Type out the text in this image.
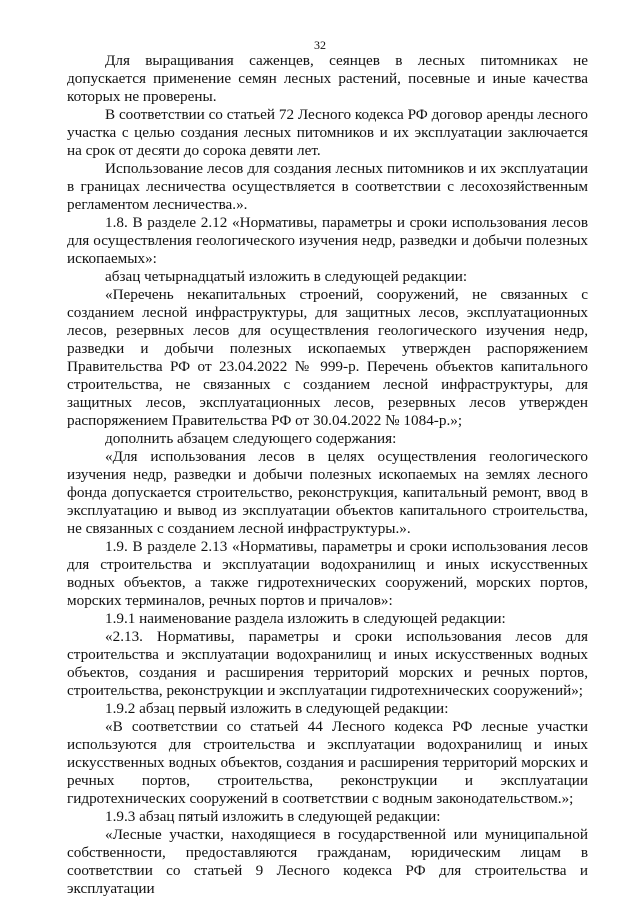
32

Для выращивания саженцев, сеянцев в лесных питомниках не допускается применение семян лесных растений, посевные и иные качества которых не проверены.

В соответствии со статьей 72 Лесного кодекса РФ договор аренды лесного участка с целью создания лесных питомников и их эксплуатации заключается на срок от десяти до сорока девяти лет.

Использование лесов для создания лесных питомников и их эксплуатации в границах лесничества осуществляется в соответствии с лесохозяйственным регламентом лесничества.».

1.8. В разделе 2.12 «Нормативы, параметры и сроки использования лесов для осуществления геологического изучения недр, разведки и добычи полезных ископаемых»:

абзац четырнадцатый изложить в следующей редакции:

«Перечень некапитальных строений, сооружений, не связанных с созданием лесной инфраструктуры, для защитных лесов, эксплуатационных лесов, резервных лесов для осуществления геологического изучения недр, разведки и добычи полезных ископаемых утвержден распоряжением Правительства РФ от 23.04.2022 № 999-р. Перечень объектов капитального строительства, не связанных с созданием лесной инфраструктуры, для защитных лесов, эксплуатационных лесов, резервных лесов утвержден распоряжением Правительства РФ от 30.04.2022 № 1084-р.»;

дополнить абзацем следующего содержания:

«Для использования лесов в целях осуществления геологического изучения недр, разведки и добычи полезных ископаемых на землях лесного фонда допускается строительство, реконструкция, капитальный ремонт, ввод в эксплуатацию и вывод из эксплуатации объектов капитального строительства, не связанных с созданием лесной инфраструктуры.».

1.9. В разделе 2.13 «Нормативы, параметры и сроки использования лесов для строительства и эксплуатации водохранилищ и иных искусственных водных объектов, а также гидротехнических сооружений, морских портов, морских терминалов, речных портов и причалов»:

1.9.1 наименование раздела изложить в следующей редакции:

«2.13. Нормативы, параметры и сроки использования лесов для строительства и эксплуатации водохранилищ и иных искусственных водных объектов, создания и расширения территорий морских и речных портов, строительства, реконструкции и эксплуатации гидротехнических сооружений»;

1.9.2 абзац первый изложить в следующей редакции:

«В соответствии со статьей 44 Лесного кодекса РФ лесные участки используются для строительства и эксплуатации водохранилищ и иных искусственных водных объектов, создания и расширения территорий морских и речных портов, строительства, реконструкции и эксплуатации гидротехнических сооружений в соответствии с водным законодательством.»;

1.9.3 абзац пятый изложить в следующей редакции:

«Лесные участки, находящиеся в государственной или муниципальной собственности, предоставляются гражданам, юридическим лицам в соответствии со статьей 9 Лесного кодекса РФ для строительства и эксплуатации
